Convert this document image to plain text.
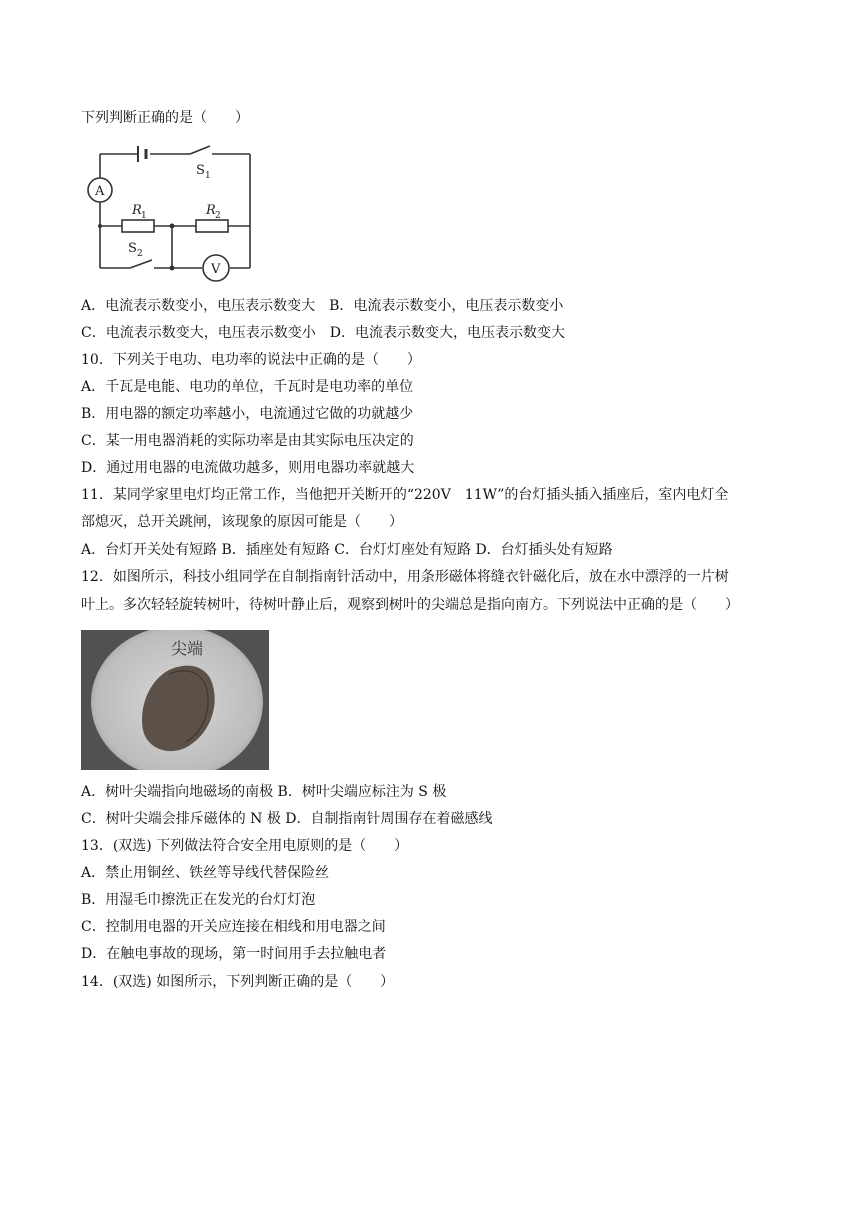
下列判断正确的是（　　）
A
V
S 1
S 2
R 1	R 2
A．电流表示数变小，电压表示数变大 B．电流表示数变小，电压表示数变小
C．电流表示数变大，电压表示数变小 D．电流表示数变大，电压表示数变大
10．下列关于电功、电功率的说法中正确的是（　　）
A．千瓦是电能、电功的单位，千瓦时是电功率的单位
B．用电器的额定功率越小，电流通过它做的功就越少
C．某一用电器消耗的实际功率是由其实际电压决定的
D．通过用电器的电流做功越多，则用电器功率就越大
11．某同学家里电灯均正常工作，当他把开关断开的“220V　11W”的台灯插头插入插座后，室内电灯全
部熄灭，总开关跳闸，该现象的原因可能是（　　）
A．台灯开关处有短路 B．插座处有短路 C．台灯灯座处有短路 D．台灯插头处有短路
12．如图所示，科技小组同学在自制指南针活动中，用条形磁体将缝衣针磁化后，放在水中漂浮的一片树
叶上。多次轻轻旋转树叶，待树叶静止后，观察到树叶的尖端总是指向南方。下列说法中正确的是（　　）
尖端
A．树叶尖端指向地磁场的南极 B．树叶尖端应标注为 S 极
C．树叶尖端会排斥磁体的 N 极 D．自制指南针周围存在着磁感线
13．(双选) 下列做法符合安全用电原则的是（　　）
A．禁止用铜丝、铁丝等导线代替保险丝
B．用湿毛巾擦洗正在发光的台灯灯泡
C．控制用电器的开关应连接在相线和用电器之间
D．在触电事故的现场，第一时间用手去拉触电者
14．(双选) 如图所示，下列判断正确的是（　　）
